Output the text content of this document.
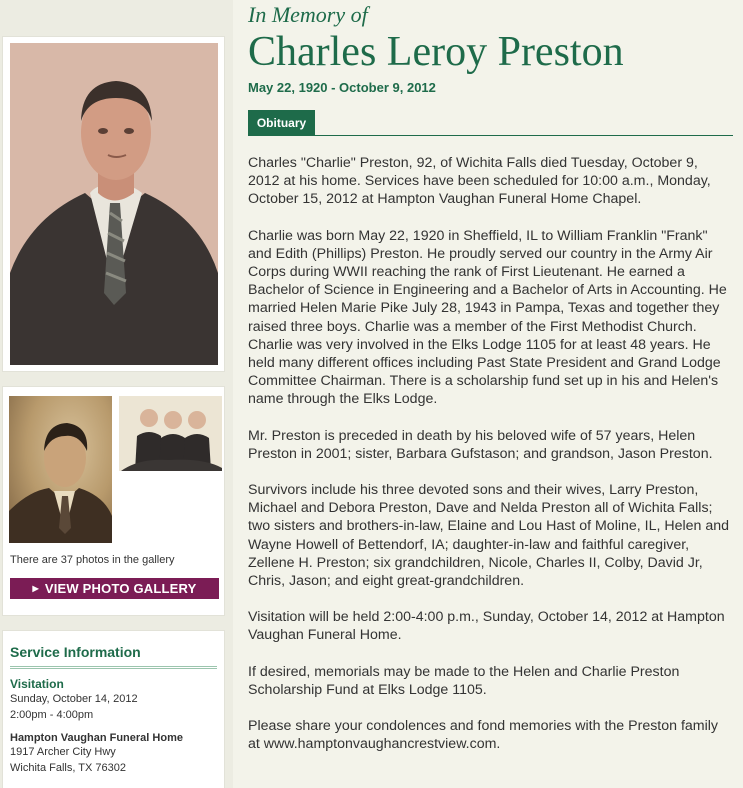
There are 37 photos in the gallery
▶ VIEW PHOTO GALLERY
Service Information
Visitation
Sunday, October 14, 2012
2:00pm - 4:00pm
Hampton Vaughan Funeral Home
1917 Archer City Hwy
Wichita Falls, TX 76302
In Memory of
Charles Leroy Preston
May 22, 1920 - October 9, 2012
Obituary

Charles "Charlie" Preston, 92, of Wichita Falls died Tuesday, October 9, 2012 at his home. Services have been scheduled for 10:00 a.m., Monday, October 15, 2012 at Hampton Vaughan Funeral Home Chapel.

Charlie was born May 22, 1920 in Sheffield, IL to William Franklin "Frank" and Edith (Phillips) Preston. He proudly served our country in the Army Air Corps during WWII reaching the rank of First Lieutenant. He earned a Bachelor of Science in Engineering and a Bachelor of Arts in Accounting. He married Helen Marie Pike July 28, 1943 in Pampa, Texas and together they raised three boys. Charlie was a member of the First Methodist Church. Charlie was very involved in the Elks Lodge 1105 for at least 48 years. He held many different offices including Past State President and Grand Lodge Committee Chairman. There is a scholarship fund set up in his and Helen's name through the Elks Lodge.

Mr. Preston is preceded in death by his beloved wife of 57 years, Helen Preston in 2001; sister, Barbara Gufstason; and grandson, Jason Preston.

Survivors include his three devoted sons and their wives, Larry Preston, Michael and Debora Preston, Dave and Nelda Preston all of Wichita Falls; two sisters and brothers-in-law, Elaine and Lou Hast of Moline, IL, Helen and Wayne Howell of Bettendorf, IA; daughter-in-law and faithful caregiver, Zellene H. Preston; six grandchildren, Nicole, Charles II, Colby, David Jr, Chris, Jason; and eight great-grandchildren.

Visitation will be held 2:00-4:00 p.m., Sunday, October 14, 2012 at Hampton Vaughan Funeral Home.

If desired, memorials may be made to the Helen and Charlie Preston Scholarship Fund at Elks Lodge 1105.

Please share your condolences and fond memories with the Preston family at www.hamptonvaughancrestview.com.
